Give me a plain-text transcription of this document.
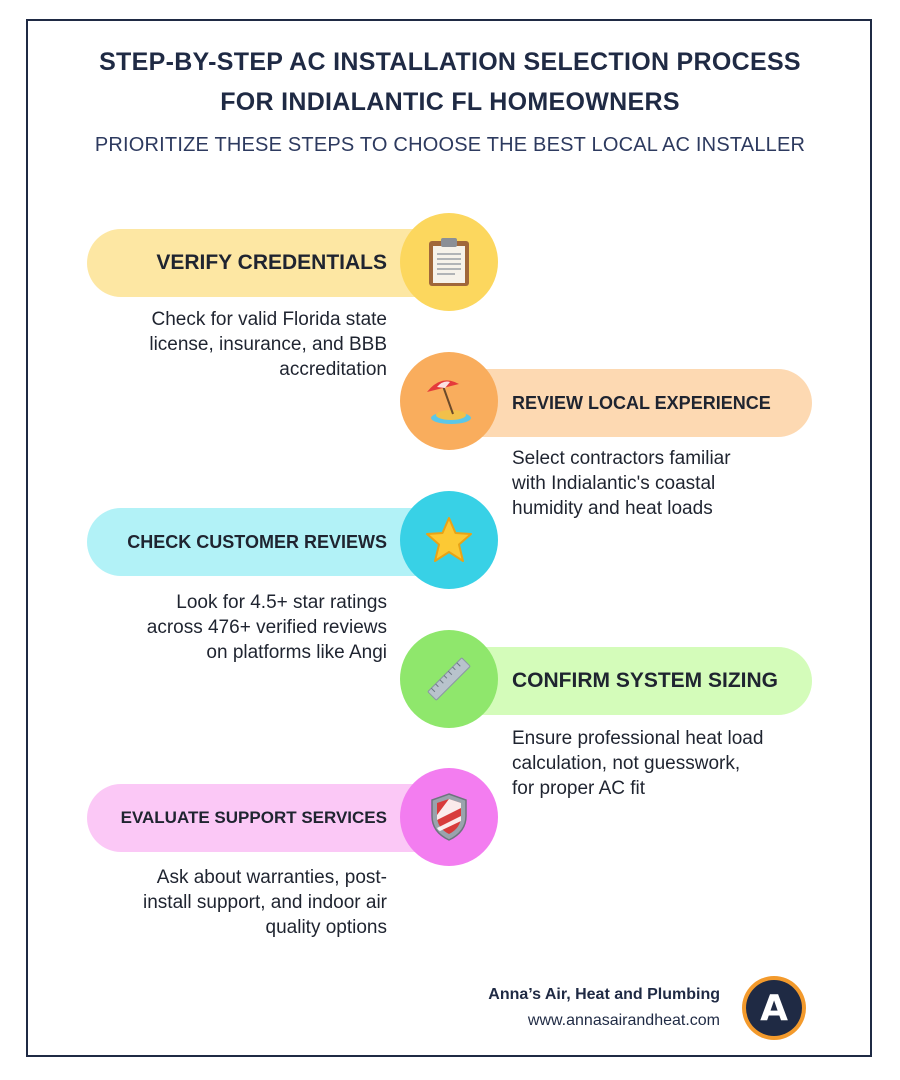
STEP-BY-STEP AC INSTALLATION SELECTION PROCESS
FOR INDIALANTIC FL HOMEOWNERS

PRIORITIZE THESE STEPS TO CHOOSE THE BEST LOCAL AC INSTALLER

VERIFY CREDENTIALS
Check for valid Florida state
license, insurance, and BBB
accreditation
REVIEW LOCAL EXPERIENCE
Select contractors familiar
with Indialantic's coastal
humidity and heat loads
CHECK CUSTOMER REVIEWS
Look for 4.5+ star ratings
across 476+ verified reviews
on platforms like Angi
CONFIRM SYSTEM SIZING
Ensure professional heat load
calculation, not guesswork,
for proper AC fit
EVALUATE SUPPORT SERVICES
Ask about warranties, post-
install support, and indoor air
quality options
Anna’s Air, Heat and Plumbing
www.annasairandheat.com	A
